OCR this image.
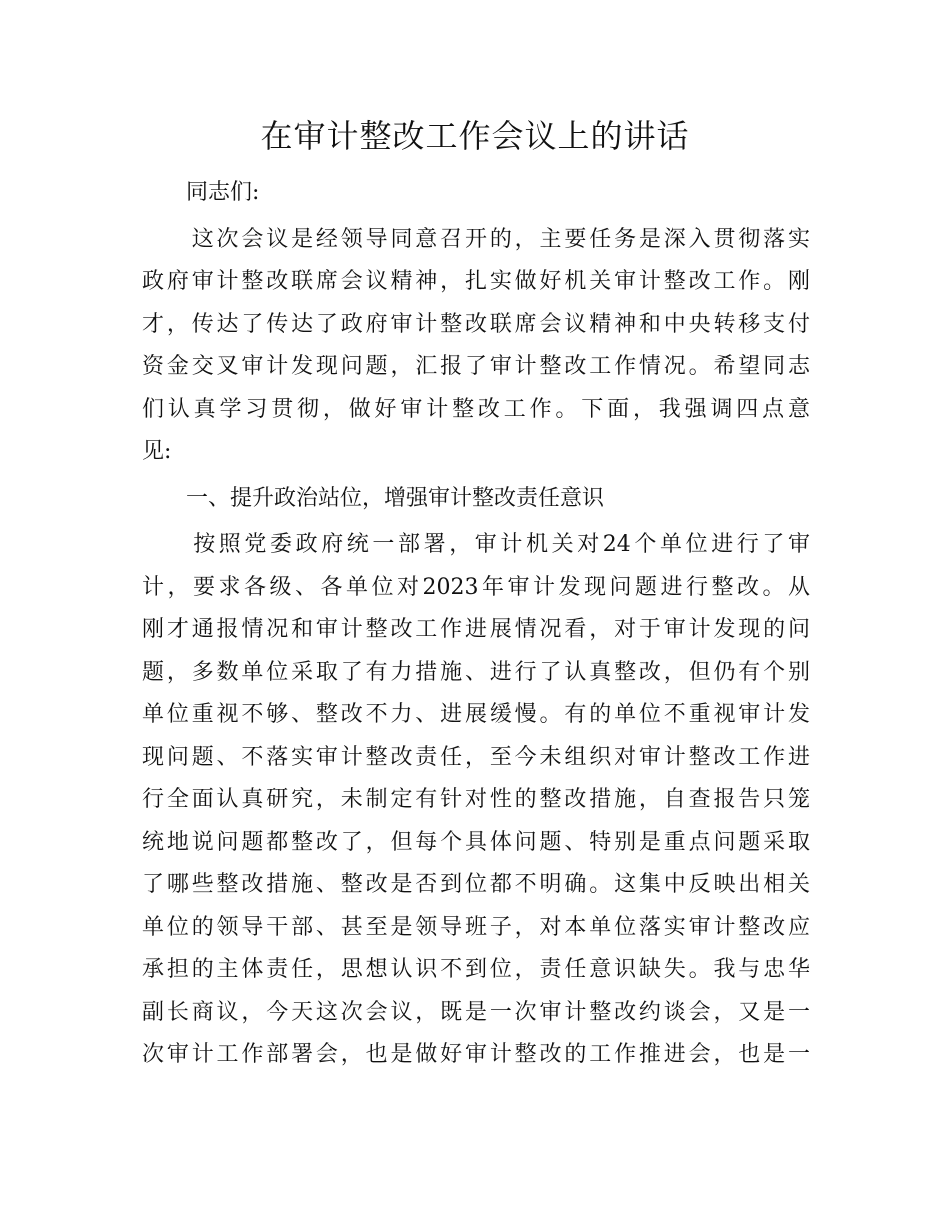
在审计整改工作会议上的讲话
　　同志们:
　　这次会议是经领导同意召开的，主要任务是深入贯彻落实
政府审计整改联席会议精神，扎实做好机关审计整改工作。刚
才，传达了传达了政府审计整改联席会议精神和中央转移支付
资金交叉审计发现问题，汇报了审计整改工作情况。希望同志
们认真学习贯彻，做好审计整改工作。下面，我强调四点意
见:
　　一、提升政治站位，增强审计整改责任意识
　　按照党委政府统一部署，审计机关对24个单位进行了审
计，要求各级、各单位对2023年审计发现问题进行整改。从
刚才通报情况和审计整改工作进展情况看，对于审计发现的问
题，多数单位采取了有力措施、进行了认真整改，但仍有个别
单位重视不够、整改不力、进展缓慢。有的单位不重视审计发
现问题、不落实审计整改责任，至今未组织对审计整改工作进
行全面认真研究，未制定有针对性的整改措施，自查报告只笼
统地说问题都整改了，但每个具体问题、特别是重点问题采取
了哪些整改措施、整改是否到位都不明确。这集中反映出相关
单位的领导干部、甚至是领导班子，对本单位落实审计整改应
承担的主体责任，思想认识不到位，责任意识缺失。我与忠华
副长商议，今天这次会议，既是一次审计整改约谈会，又是一
次审计工作部署会，也是做好审计整改的工作推进会，也是一
